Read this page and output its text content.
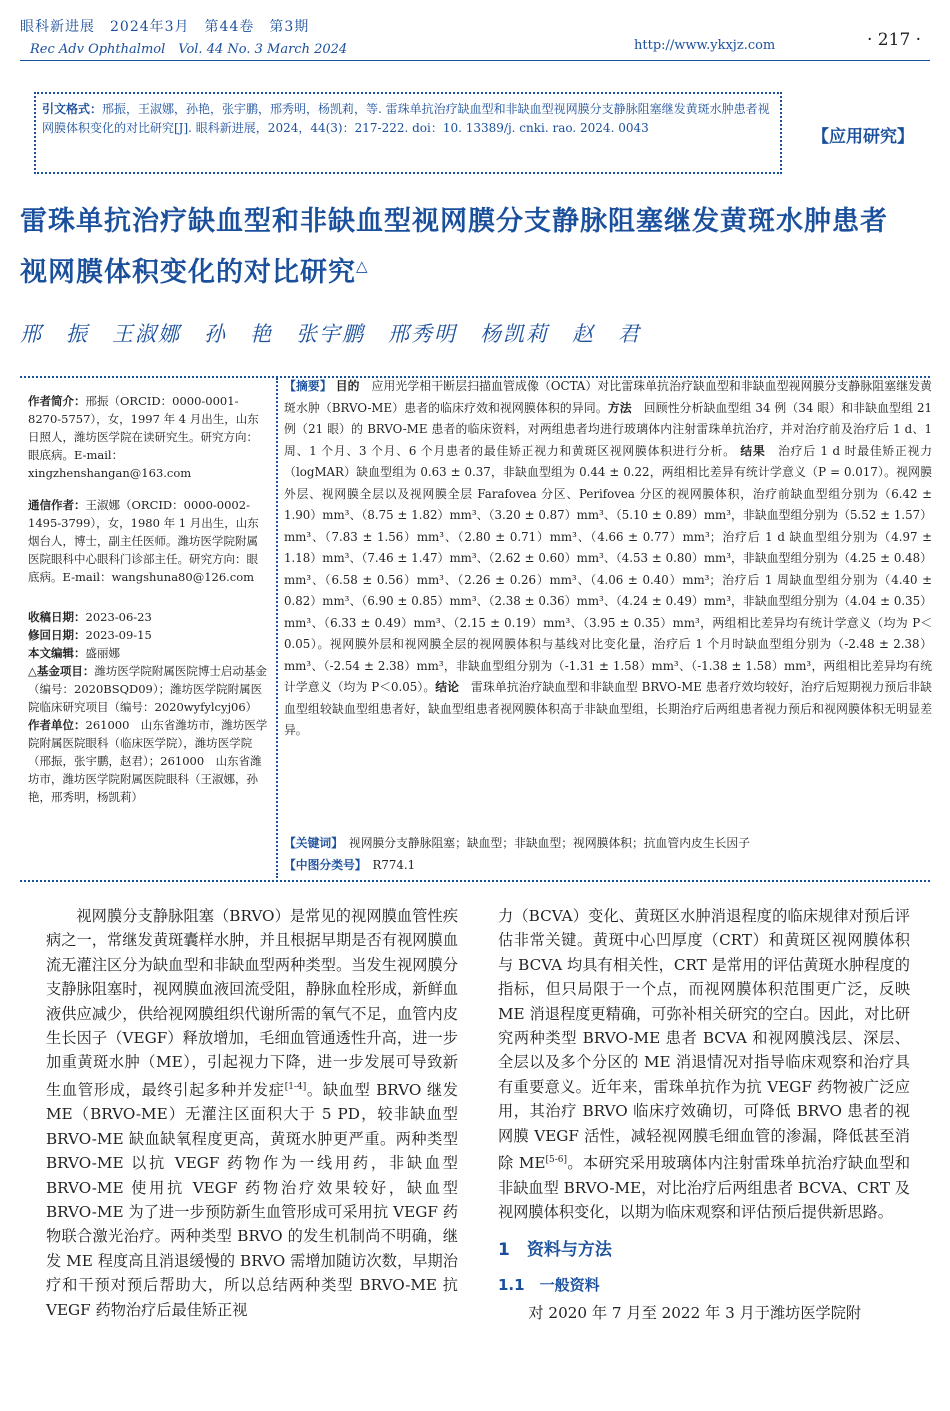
眼科新进展　2024年3月　第44卷　第3期
Rec Adv Ophthalmol　Vol. 44 No. 3 March 2024	http://www.ykxjz.com	· 217 ·
引文格式：邢振，王淑娜，孙艳，张宇鹏，邢秀明，杨凯莉，等. 雷珠单抗治疗缺血型和非缺血型视网膜分支静脉阻塞继发黄斑水肿患者视网膜体积变化的对比研究[J]. 眼科新进展，2024，44(3)：217-222. doi：10. 13389/j. cnki. rao. 2024. 0043	【应用研究】
雷珠单抗治疗缺血型和非缺血型视网膜分支静脉阻塞继发黄斑水肿患者视网膜体积变化的对比研究△
邢　振　王淑娜　孙　艳　张宇鹏　邢秀明　杨凯莉　赵　君
作者简介：邢振（ORCID：0000-0001-8270-5757），女，1997 年 4 月出生，山东日照人，潍坊医学院在读研究生。研究方向：眼底病。E-mail：xingzhenshangan@163.com
通信作者：王淑娜（ORCID：0000-0002-1495-3799），女，1980 年 1 月出生，山东烟台人，博士，副主任医师。潍坊医学院附属医院眼科中心眼科门诊部主任。研究方向：眼底病。E-mail：wangshuna80@126.com
收稿日期：2023-06-23
修回日期：2023-09-15
本文编辑：盛丽娜
△基金项目：潍坊医学院附属医院博士启动基金（编号：2020BSQD09）；潍坊医学院附属医院临床研究项目（编号：2020wyfylcyj06）
作者单位：261000　山东省潍坊市，潍坊医学院附属医院眼科（临床医学院），潍坊医学院（邢振，张宇鹏，赵君）；261000　山东省潍坊市，潍坊医学院附属医院眼科（王淑娜，孙艳，邢秀明，杨凯莉）
【摘要】 目的　 应用光学相干断层扫描血管成像（OCTA）对比雷珠单抗治疗缺血型和非缺血型视网膜分支静脉阻塞继发黄斑水肿（BRVO-ME）患者的临床疗效和视网膜体积的异同。方法　 回顾性分析缺血型组 34 例（34 眼）和非缺血型组 21 例（21 眼）的 BRVO-ME 患者的临床资料，对两组患者均进行玻璃体内注射雷珠单抗治疗，并对治疗前及治疗后 1 d、1 周、1 个月、3 个月、6 个月患者的最佳矫正视力和黄斑区视网膜体积进行分析。 结果　 治疗后 1 d 时最佳矫正视力（logMAR）缺血型组为 0.63 ± 0.37，非缺血型组为 0.44 ± 0.22，两组相比差异有统计学意义（P = 0.017）。视网膜外层、视网膜全层以及视网膜全层 Farafovea 分区、Perifovea 分区的视网膜体积，治疗前缺血型组分别为（6.42 ± 1.90）mm³、（8.75 ± 1.82）mm³、（3.20 ± 0.87）mm³、（5.10 ± 0.89）mm³，非缺血型组分别为（5.52 ± 1.57）mm³、（7.83 ± 1.56）mm³、（2.80 ± 0.71）mm³、（4.66 ± 0.77）mm³；治疗后 1 d 缺血型组分别为（4.97 ± 1.18）mm³、（7.46 ± 1.47）mm³、（2.62 ± 0.60）mm³、（4.53 ± 0.80）mm³，非缺血型组分别为（4.25 ± 0.48）mm³、（6.58 ± 0.56）mm³、（2.26 ± 0.26）mm³、（4.06 ± 0.40）mm³；治疗后 1 周缺血型组分别为（4.40 ± 0.82）mm³、（6.90 ± 0.85）mm³、（2.38 ± 0.36）mm³、（4.24 ± 0.49）mm³，非缺血型组分别为（4.04 ± 0.35）mm³、（6.33 ± 0.49）mm³、（2.15 ± 0.19）mm³、（3.95 ± 0.35）mm³，两组相比差异均有统计学意义（均为 P＜0.05）。视网膜外层和视网膜全层的视网膜体积与基线对比变化量，治疗后 1 个月时缺血型组分别为（-2.48 ± 2.38）mm³、（-2.54 ± 2.38）mm³，非缺血型组分别为（-1.31 ± 1.58）mm³、（-1.38 ± 1.58）mm³，两组相比差异均有统计学意义（均为 P＜0.05）。结论　 雷珠单抗治疗缺血型和非缺血型 BRVO-ME 患者疗效均较好，治疗后短期视力预后非缺血型组较缺血型组患者好，缺血型组患者视网膜体积高于非缺血型组，长期治疗后两组患者视力预后和视网膜体积无明显差异。
【关键词】　 视网膜分支静脉阻塞；缺血型；非缺血型；视网膜体积；抗血管内皮生长因子
【中图分类号】　 R774.1

视网膜分支静脉阻塞（BRVO）是常见的视网膜血管性疾病之一，常继发黄斑囊样水肿，并且根据早期是否有视网膜血流无灌注区分为缺血型和非缺血型两种类型。当发生视网膜分支静脉阻塞时，视网膜血液回流受阻，静脉血栓形成，新鲜血液供应减少，供给视网膜组织代谢所需的氧气不足，血管内皮生长因子（VEGF）释放增加，毛细血管通透性升高，进一步加重黄斑水肿（ME），引起视力下降，进一步发展可导致新生血管形成，最终引起多种并发症[1-4]。缺血型 BRVO 继发 ME（BRVO-ME）无灌注区面积大于 5 PD，较非缺血型 BRVO-ME 缺血缺氧程度更高，黄斑水肿更严重。两种类型 BRVO-ME 以抗 VEGF 药物作为一线用药，非缺血型 BRVO-ME 使用抗 VEGF 药物治疗效果较好，缺血型 BRVO-ME 为了进一步预防新生血管形成可采用抗 VEGF 药物联合激光治疗。两种类型 BRVO 的发生机制尚不明确，继发 ME 程度高且消退缓慢的 BRVO 需增加随访次数，早期治疗和干预对预后帮助大，所以总结两种类型 BRVO-ME 抗 VEGF 药物治疗后最佳矫正视

力（BCVA）变化、黄斑区水肿消退程度的临床规律对预后评估非常关键。黄斑中心凹厚度（CRT）和黄斑区视网膜体积与 BCVA 均具有相关性，CRT 是常用的评估黄斑水肿程度的指标，但只局限于一个点，而视网膜体积范围更广泛，反映 ME 消退程度更精确，可弥补相关研究的空白。因此，对比研究两种类型 BRVO-ME 患者 BCVA 和视网膜浅层、深层、全层以及多个分区的 ME 消退情况对指导临床观察和治疗具有重要意义。近年来，雷珠单抗作为抗 VEGF 药物被广泛应用，其治疗 BRVO 临床疗效确切，可降低 BRVO 患者的视网膜 VEGF 活性，减轻视网膜毛细血管的渗漏，降低甚至消除 ME[5-6]。本研究采用玻璃体内注射雷珠单抗治疗缺血型和非缺血型 BRVO-ME，对比治疗后两组患者 BCVA、CRT 及视网膜体积变化，以期为临床观察和评估预后提供新思路。

1　资料与方法
1.1　一般资料

对 2020 年 7 月至 2022 年 3 月于潍坊医学院附
